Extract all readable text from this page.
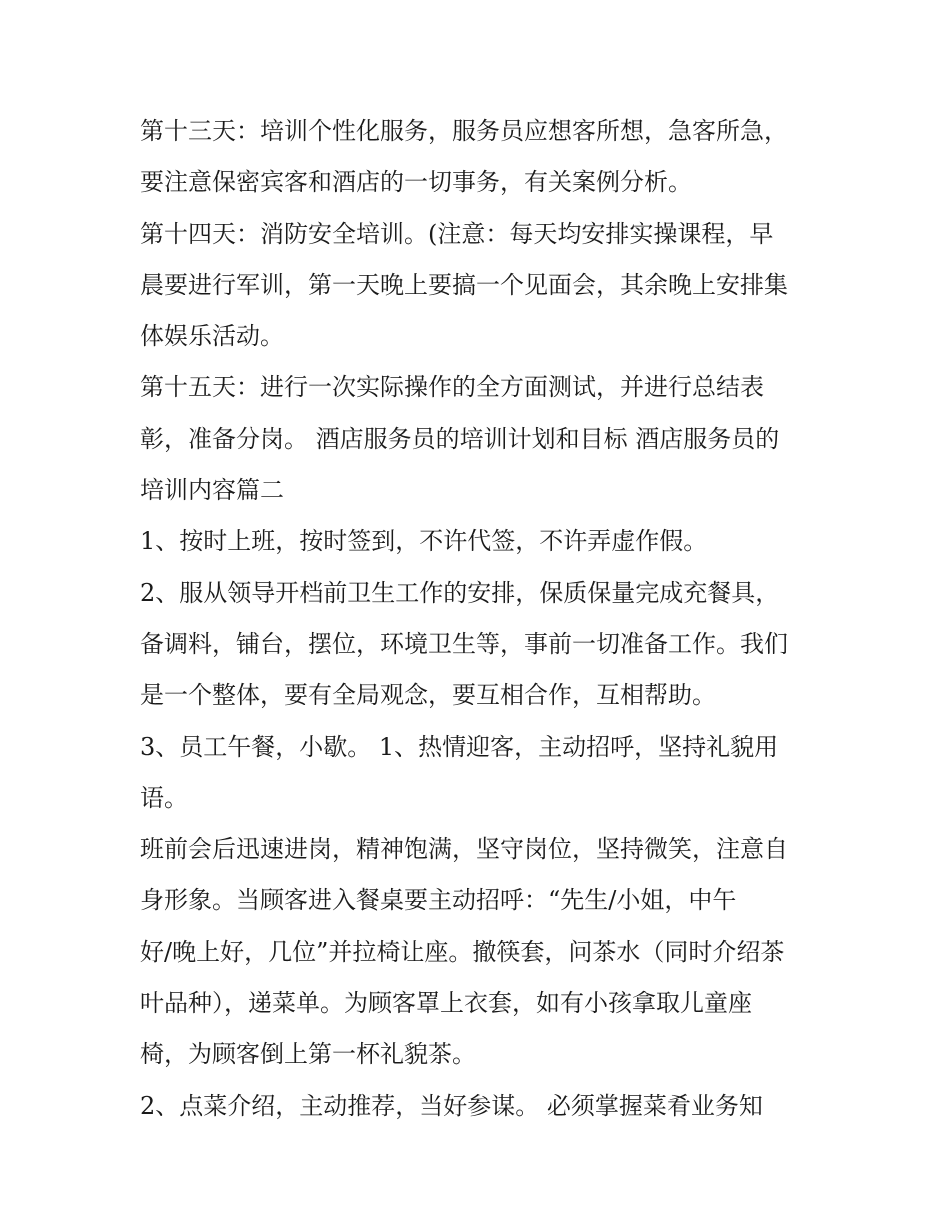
第十三天：培训个性化服务，服务员应想客所想，急客所急，
要注意保密宾客和酒店的一切事务，有关案例分析。
第十四天：消防安全培训。(注意：每天均安排实操课程，早
晨要进行军训，第一天晚上要搞一个见面会，其余晚上安排集
体娱乐活动。
第十五天：进行一次实际操作的全方面测试，并进行总结表
彰，准备分岗。 酒店服务员的培训计划和目标 酒店服务员的
培训内容篇二
1、按时上班，按时签到，不许代签，不许弄虚作假。
2、服从领导开档前卫生工作的安排，保质保量完成充餐具，
备调料，铺台，摆位，环境卫生等，事前一切准备工作。我们
是一个整体，要有全局观念，要互相合作，互相帮助。
3、员工午餐，小歇。 1、热情迎客，主动招呼，坚持礼貌用
语。
班前会后迅速进岗，精神饱满，坚守岗位，坚持微笑，注意自
身形象。当顾客进入餐桌要主动招呼：“先生/小姐，中午
好/晚上好，几位”并拉椅让座。撤筷套，问茶水（同时介绍茶
叶品种），递菜单。为顾客罩上衣套，如有小孩拿取儿童座
椅，为顾客倒上第一杯礼貌茶。
2、点菜介绍，主动推荐，当好参谋。 必须掌握菜肴业务知
